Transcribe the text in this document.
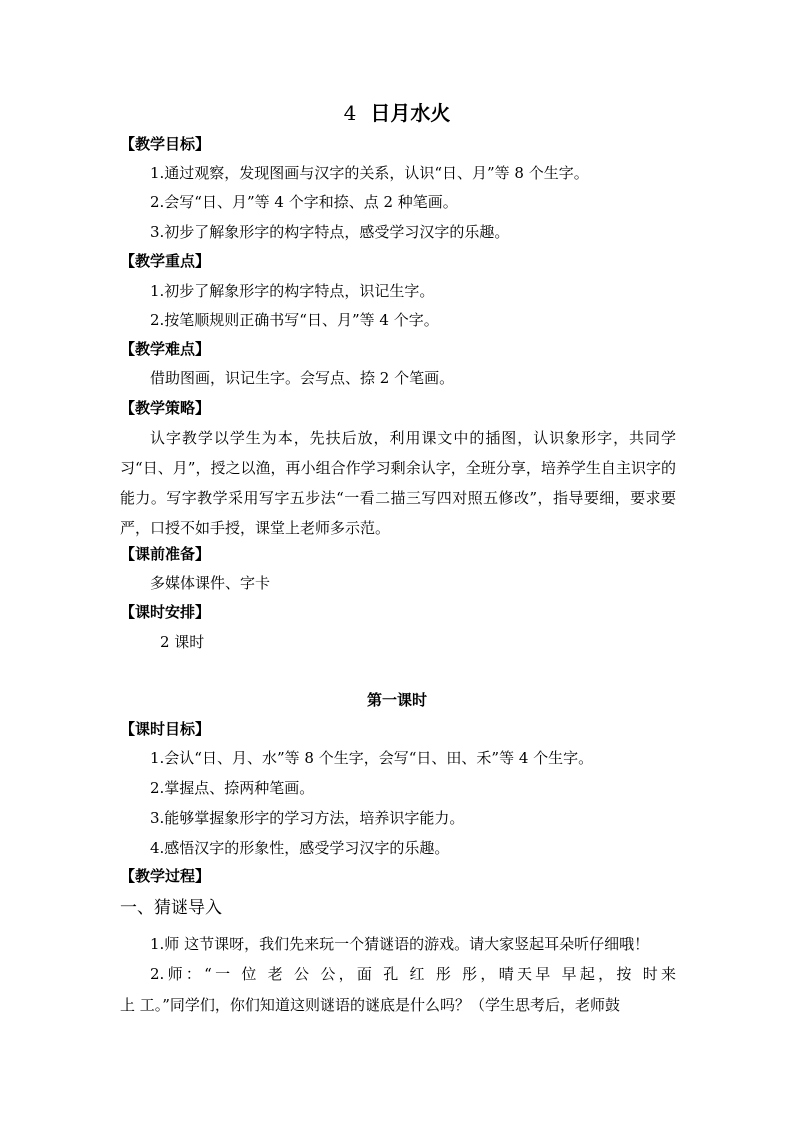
4 日月水火
【教学目标】
1.通过观察，发现图画与汉字的关系，认识“日、月”等 8 个生字。
2.会写“日、月”等 4 个字和捺、点 2 种笔画。
3.初步了解象形字的构字特点，感受学习汉字的乐趣。
【教学重点】
1.初步了解象形字的构字特点，识记生字。
2.按笔顺规则正确书写“日、月”等 4 个字。
【教学难点】
借助图画，识记生字。会写点、捺 2 个笔画。
【教学策略】
认字教学以学生为本，先扶后放，利用课文中的插图，认识象形字，共同学习“日、月”，授之以渔，再小组合作学习剩余认字，全班分享，培养学生自主识字的能力。写字教学采用写字五步法“一看二描三写四对照五修改”，指导要细，要求要严，口授不如手授，课堂上老师多示范。
【课前准备】
多媒体课件、字卡
【课时安排】
2 课时
第一课时
【课时目标】
1.会认“日、月、水”等 8 个生字，会写“日、田、禾”等 4 个生字。
2.掌握点、捺两种笔画。
3.能够掌握象形字的学习方法，培养识字能力。
4.感悟汉字的形象性，感受学习汉字的乐趣。
【教学过程】
一、猜谜导入
1.师 这节课呀，我们先来玩一个猜谜语的游戏。请大家竖起耳朵听仔细哦！
2.师：“一 位 老 公 公，面 孔 红 彤 彤，晴天早 早起，按 时来
上 工。”同学们，你们知道这则谜语的谜底是什么吗？（学生思考后，老师鼓
